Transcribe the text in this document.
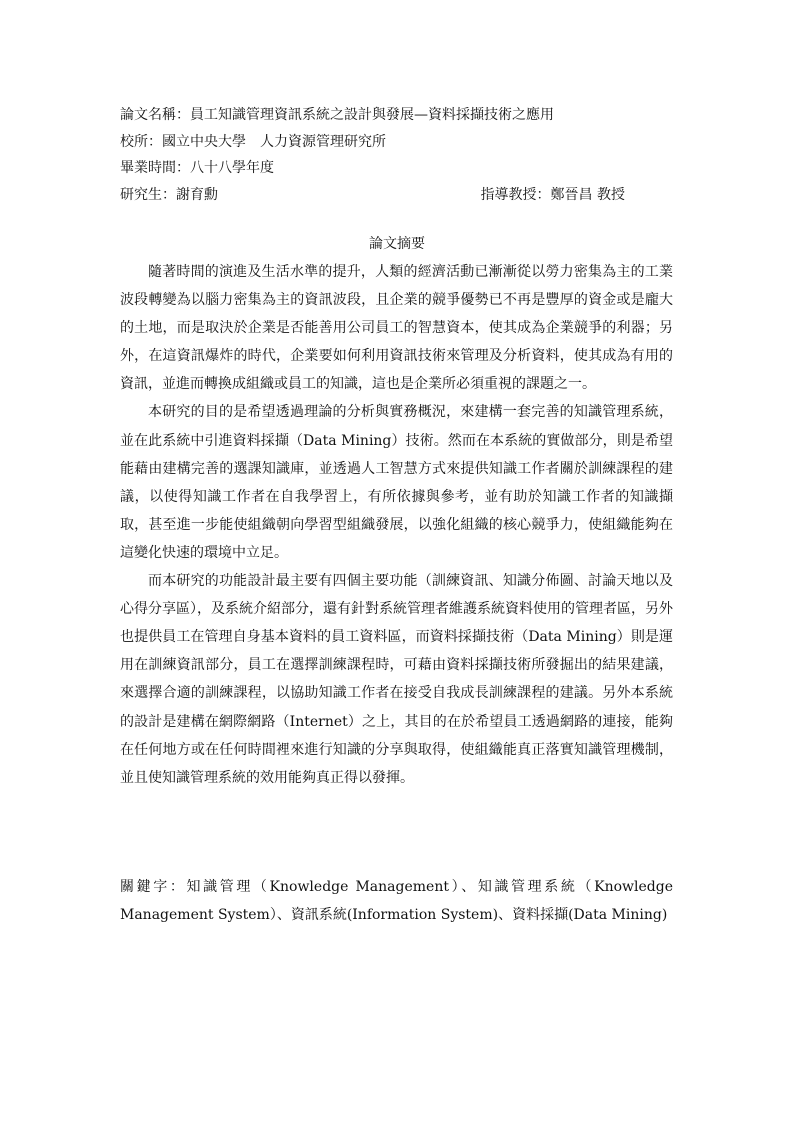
論文名稱：員工知識管理資訊系統之設計與發展—資料採擷技術之應用
校所：國立中央大學　人力資源管理研究所
畢業時間：八十八學年度
研究生：謝育勳	指導教授：鄭晉昌 教授
論文摘要

隨著時間的演進及生活水準的提升，人類的經濟活動已漸漸從以勞力密集為主的工業波段轉變為以腦力密集為主的資訊波段，且企業的競爭優勢已不再是豐厚的資金或是龐大的土地，而是取決於企業是否能善用公司員工的智慧資本，使其成為企業競爭的利器；另外，在這資訊爆炸的時代，企業要如何利用資訊技術來管理及分析資料，使其成為有用的資訊，並進而轉換成組織或員工的知識，這也是企業所必須重視的課題之一。

本研究的目的是希望透過理論的分析與實務概況，來建構一套完善的知識管理系統，並在此系統中引進資料採擷（Data Mining）技術。然而在本系統的實做部分，則是希望能藉由建構完善的選課知識庫，並透過人工智慧方式來提供知識工作者關於訓練課程的建議，以使得知識工作者在自我學習上，有所依據與參考，並有助於知識工作者的知識擷取，甚至進一步能使組織朝向學習型組織發展，以強化組織的核心競爭力，使組織能夠在這變化快速的環境中立足。

而本研究的功能設計最主要有四個主要功能（訓練資訊、知識分佈圖、討論天地以及心得分享區），及系統介紹部分，還有針對系統管理者維護系統資料使用的管理者區，另外也提供員工在管理自身基本資料的員工資料區，而資料採擷技術（Data Mining）則是運用在訓練資訊部分，員工在選擇訓練課程時，可藉由資料採擷技術所發掘出的結果建議，來選擇合適的訓練課程，以協助知識工作者在接受自我成長訓練課程的建議。另外本系統的設計是建構在網際網路（Internet）之上，其目的在於希望員工透過網路的連接，能夠在任何地方或在任何時間裡來進行知識的分享與取得，使組織能真正落實知識管理機制，並且使知識管理系統的效用能夠真正得以發揮。

關鍵字：知識管理（Knowledge Management）、知識管理系統（Knowledge Management System）、資訊系統(Information System)、資料採擷(Data Mining)
